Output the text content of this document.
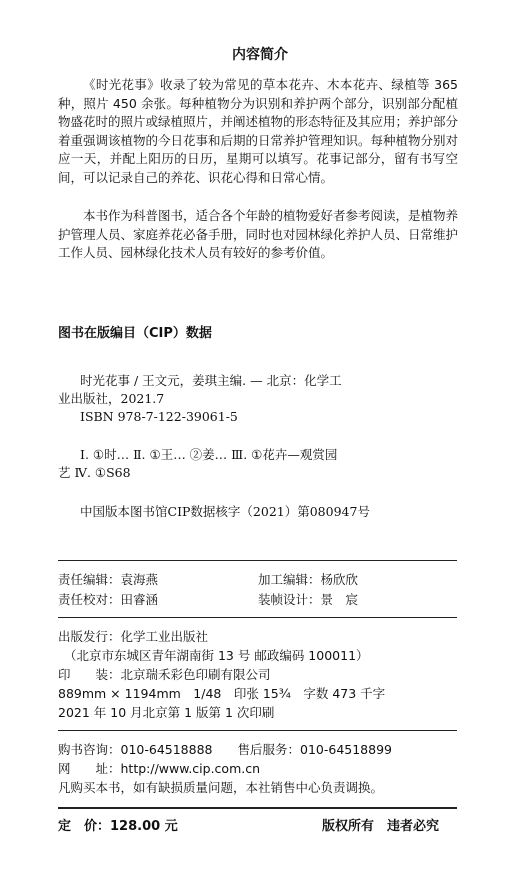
内容简介
《时光花事》收录了较为常见的草本花卉、木本花卉、绿植等 365 种，照片 450 余张。每种植物分为识别和养护两个部分，识别部分配植物盛花时的照片或绿植照片，并阐述植物的形态特征及其应用；养护部分着重强调该植物的今日花事和后期的日常养护管理知识。每种植物分别对应一天，并配上阳历的日历，星期可以填写。花事记部分，留有书写空间，可以记录自己的养花、识花心得和日常心情。
本书作为科普图书，适合各个年龄的植物爱好者参考阅读，是植物养护管理人员、家庭养花必备手册，同时也对园林绿化养护人员、日常维护工作人员、园林绿化技术人员有较好的参考价值。
图书在版编目（CIP）数据
时光花事 / 王文元，姜琪主编. — 北京：化学工
业出版社，2021.7
ISBN 978-7-122-39061-5
Ⅰ. ①时… Ⅱ. ①王… ②姜… Ⅲ. ①花卉—观赏园
艺 Ⅳ. ①S68
中国版本图书馆CIP数据核字（2021）第080947号
责任编辑：袁海燕	加工编辑：杨欣欣
责任校对：田睿涵	装帧设计：景　宸
出版发行：化学工业出版社
（北京市东城区青年湖南街 13 号 邮政编码 100011）
印　　装：北京瑞禾彩色印刷有限公司
889mm × 1194mm　1/48　印张 15¾　字数 473 千字
2021 年 10 月北京第 1 版第 1 次印刷
购书咨询：010-64518888　　售后服务：010-64518899
网　　址：http://www.cip.com.cn
凡购买本书，如有缺损质量问题，本社销售中心负责调换。
定　价：128.00 元	版权所有　违者必究
